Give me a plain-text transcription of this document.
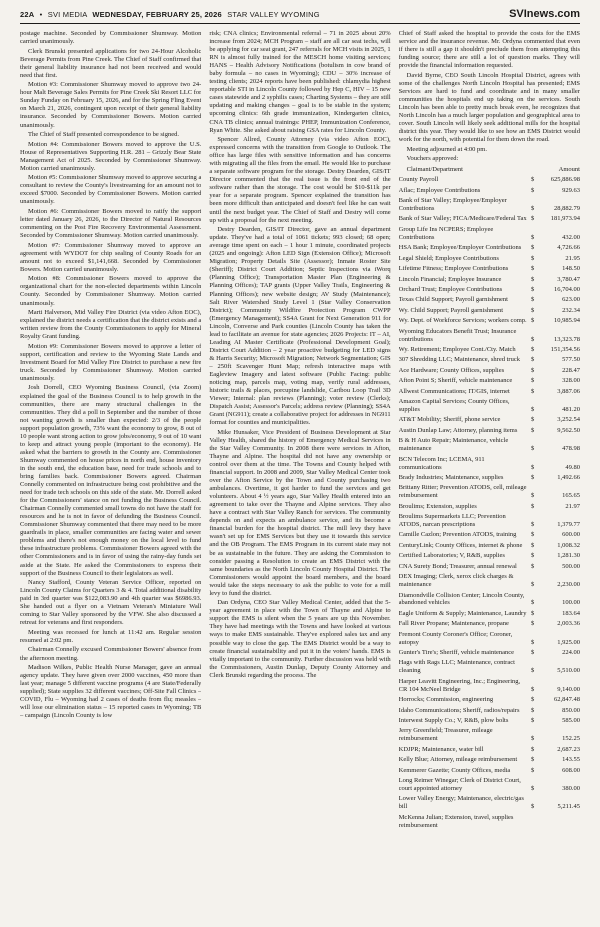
22A • SVI MEDIA WEDNESDAY, FEBRUARY 25, 2026 STAR VALLEY WYOMING	SVInews.com

postage machine. Seconded by Commissioner Shumway. Motion carried unanimously.

Clerk Brunski presented applications for two 24-Hour Alcoholic Beverage Permits from Pine Creek. The Chief of Staff confirmed that their general liability insurance had not been received and would need that first.

Motion #3: Commissioner Shumway moved to approve two 24-hour Malt Beverage Sales Permits for Pine Creek Ski Resort LLC for Sunday Funday on February 15, 2026, and for the Spring Fling Event on March 21, 2026, contingent upon receipt of their general liability insurance. Seconded by Commissioner Bowers. Motion carried unanimously.

The Chief of Staff presented correspondence to be signed.

Motion #4: Commissioner Bowers moved to approve the U.S. House of Representatives Supporting H.R. 281 – Grizzly Bear State Management Act of 2025. Seconded by Commissioner Shumway. Motion carried unanimously.

Motion #5: Commissioner Shumway moved to approve securing a consultant to review the County's livestreaming for an amount not to exceed $7000. Seconded by Commissioner Bowers. Motion carried unanimously.

Motion #6: Commissioner Bowers moved to ratify the support letter dated January 26, 2026, to the Director of Natural Resources commenting on the Post Fire Recovery Environmental Assessment. Seconded by Commissioner Shumway. Motion carried unanimously.

Motion #7: Commissioner Shumway moved to approve an agreement with WYDOT for chip sealing of County Roads for an amount not to exceed $1,141,668. Seconded by Commissioner Bowers. Motion carried unanimously.

Motion #8: Commissioner Bowers moved to approve the organizational chart for the non-elected departments within Lincoln County. Seconded by Commissioner Shumway. Motion carried unanimously.

Marti Halverson, Mid Valley Fire District (via video Afton EOC), explained the district needs a certification that the district exists and a written review from the County Commissioners to apply for Mineral Royalty Grant funding.

Motion #9: Commissioner Bowers moved to approve a letter of support, certification and review to the Wyoming State Lands and Investment Board for Mid Valley Fire District to purchase a new fire truck. Seconded by Commissioner Shumway. Motion carried unanimously.

Josh Dorrell, CEO Wyoming Business Council, (via Zoom) explained the goal of the Business Council is to help growth in the communities, there are many structural challenges in the communities. They did a poll in September and the number of those not wanting growth is smaller than expected: 2/3 of the people support population growth, 73% want the economy to grow, 8 out of 10 people want strong action to grow jobs/economy, 9 out of 10 want to keep and attract young people (important to the economy). He asked what the barriers to growth in the County are. Commissioner Shumway commented on house prices in north end, house inventory in the south end, the education base, need for trade schools and to bring families back. Commissioner Bowers agreed. Chairman Connelly commented on infrastructure being cost prohibitive and the need for trade tech schools on this side of the state. Mr. Dorrell asked for the Commissioners' stance on not funding the Business Council. Chairman Connelly commented small towns do not have the staff for resources and he is not in favor of defunding the Business Council. Commissioner Shumway commented that there may need to be more guardrails in place, smaller communities are facing water and sewer problems and there's not enough money on the local level to fund these infrastructure problems. Commissioner Bowers agreed with the other Commissioners and is in favor of using the rainy-day funds set aside at the State. He asked the Commissioners to express their support of the Business Council to their legislators as well.

Nancy Stafford, County Veteran Service Officer, reported on Lincoln County Claims for Quarters 3 & 4. Total additional disability paid in 3rd quarter was $122,083.90 and 4th quarter was $6986.93. She handed out a flyer on a Vietnam Veteran's Miniature Wall coming to Star Valley sponsored by the VFW. She also discussed a retreat for veterans and first responders.

Meeting was recessed for lunch at 11:42 am. Regular session resumed at 2:02 pm.

Chairman Connelly excused Commissioner Bowers' absence from the afternoon meeting.

Madison Wilkes, Public Health Nurse Manager, gave an annual agency update. They have given over 2000 vaccines, 450 more than last year; manage 5 different vaccine programs (4 are State/Federally supplied); State supplies 32 different vaccines; Off-Site Fall Clinics – COVID, Flu – Wyoming had 2 cases of deaths from flu; measles – will lose our elimination status – 15 reported cases in Wyoming; TB – campaign (Lincoln County is low

risk; CNA clinics; Environmental referral – 71 in 2025 about 20% increase from 2024; MCH Program – staff are all car seat techs, will be applying for car seat grant, 247 referrals for MCH visits in 2025, 1 RN is almost fully trained for the MESCH home visiting services; HANS – Health Advisory Notifications (botulism in cow brand of baby formula – no cases in Wyoming); CDU – 30% increase of testing clients; 2024 reports have been published: chlamydia highest reportable STI in Lincoln County followed by Hep C, HIV – 15 new cases statewide and 2 syphilis cases; Charting Systems – they are still updating and making changes – goal is to be stable in the system; upcoming clinics: 6th grade immunization, Kindergarten clinics, CNA TB clinics; annual trainings: PHEP, Immunization Conference, Ryan White. She asked about raising GSA rates for Lincoln County.

Spencer Allred, County Attorney (via video Afton EOC), expressed concerns with the transition from Google to Outlook. The office has large files with sensitive information and has concerns with migrating all the files from the email. He would like to purchase a separate software program for the storage. Destry Dearden, GIS/IT Director commented that the real issue is the front end of the software rather than the storage. The cost would be $10-$11k per year for a separate program. Spencer explained the transition has been more difficult than anticipated and doesn't feel like he can wait until the next budget year. The Chief of Staff and Destry will come up with a proposal for the next meeting.

Destry Dearden, GIS/IT Director, gave an annual department update. They've had a total of 1061 tickets; 993 closed; 68 open; average time spent on each – 1 hour 1 minute, coordinated projects (2025 and ongoing): Afton LED Sign (Extension Office); Microsoft Migration; Property Details Site (Assessor); Inmate Roster Site (Sheriff); District Court Addition; Septic Inspections via iWorq (Planning Office); Transportation Master Plan (Engineering & Planning Offices); TAP grants (Upper Valley Trails, Engineering & Planning Offices); new website design; AV Study (Maintenance); Salt River Watershed Study Level 1 (Star Valley Conservation District); Community Wildfire Protection Program CWPP (Emergency Management); SS4A Grant for Next Generation 911 for Lincoln, Converse and Park counties (Lincoln County has taken the lead to facilitate an avenue for state agencies; 2026 Projects: IT – AI, Leading AI Master Certificate (Professional Development Goal); District Court Addition – 2 year proactive budgeting for LED signs & Harris Security; Microsoft Migration; Network Segmentation; GIS – 250ft Scavenger Hunt Map; refresh interactive maps with Eagleview Imagery and latest software (Public Facing: public noticing map, parcels map, voting map, verify rural addresses, historic trails & places, porcupine landslide, Caribou Loop Trail 3D Viewer; Internal: plan reviews (Planning); voter review (Clerks); Dispatch Assist; Assessor's Parcels; address review (Planning); SS4A Grant (NG911); create a collaborative project for addresses in NG911 format for counties and municipalities.

Mike Hunsaker, Vice President of Business Development at Star Valley Health, shared the history of Emergency Medical Services in the Star Valley Community. In 2008 there were services in Afton, Thayne and Alpine. The hospital did not have any ownership or control over them at the time. The Towns and County helped with financial support. In 2008 and 2009, Star Valley Medical Center took over the Afton Service by the Town and County purchasing two ambulances. Overtime, it got harder to fund the services and get volunteers. About 4 ½ years ago, Star Valley Health entered into an agreement to take over the Thayne and Alpine services. They also have a contract with Star Valley Ranch for services. The community depends on and expects an ambulance service, and its become a financial burden for the hospital district. The mill levy they have wasn't set up for EMS Services but they use it towards this service and the OB Program. The EMS Program in its current state may not be as sustainable in the future. They are asking the Commission to consider passing a Resolution to create an EMS District with the same boundaries as the North Lincoln County Hospital District. The Commissioners would appoint the board members, and the board would take the steps necessary to ask the public to vote for a mill levy to fund the district.

Dan Ordyna, CEO Star Valley Medical Center, added that the 5-year agreement in place with the Town of Thayne and Alpine to support the EMS is silent when the 5 years are up this November. They have had meetings with the Towns and have looked at various ways to make EMS sustainable. They've explored sales tax and any possible way to close the gap. The EMS District would be a way to create financial sustainability and put it in the voters' hands. EMS is vitally important to the community. Further discussion was held with the Commissioners, Austin Dunlap, Deputy County Attorney and Clerk Brunski regarding the process. The

Chief of Staff asked the hospital to provide the costs for the EMS service and the insurance revenue. Mr. Ordyna commented that even if there is still a gap it shouldn't preclude them from attempting this funding source; there are still a lot of question marks. They will provide the financial information requested.

David Byrne, CEO South Lincoln Hospital District, agrees with some of the challenges North Lincoln Hospital has presented; EMS Services are hard to fund and coordinate and in many smaller communities the hospitals end up taking on the services. South Lincoln has been able to pretty much break even, he recognizes that North Lincoln has a much larger population and geographical area to cover. South Lincoln will likely seek additional mills for the hospital district this year. They would like to see how an EMS District would work for the north, with potential for them down the road.

Meeting adjourned at 4:00 pm.

Vouchers approved:

Claimant/Department	Amount
County Payroll	$	625,886.98
Aflac; Employee Contributions	$	929.63
Bank of Star Valley; Employee/Employer Contributions	$	28,882.79
Bank of Star Valley; FICA/Medicare/Federal Tax $	181,973.94
Group Life Ins NCPERS; Employee Contributions	$	432.00
HSA Bank; Employee/Employer Contributions	$	4,726.66
Legal Shield; Employee Contributions	$	21.95
Lifetime Fitness; Employee Contributions	$	148.50
Lincoln Financial; Employee Insurance	$	3,780.47
Orchard Trust; Employee Contributions	$	16,704.00
Texas Child Support; Payroll garnishment	$	623.00
Wy. Child Support; Payroll garnishment	$	232.34
Wy. Dept. of Workforce Services; workers comp. $	10,985.94
Wyoming Educators Benefit Trust; Insurance contributions	$	13,323.78
Wy. Retirement; Employee Cont./Cty. Match	$	151,354.56
307 Shredding LLC; Maintenance, shred truck	$	577.50
Ace Hardware; County Offices, supplies	$	228.47
Afton Point S; Sheriff, vehicle maintenance	$	328.00
Allwest Communications; IT/GIS, internet	$	3,887.06
Amazon Capital Services; County Offices, supplies	$	481.20
AT&T Mobility; Sheriff, phone service	$	3,252.54
Austin Dunlap Law; Attorney, planning items	$	9,562.50
B & H Auto Repair; Maintenance, vehicle maintenance	$	478.98
BCN Telecom Inc; LCEMA, 911 communications	$	49.80
Brady Industries; Maintenance, supplies	$	1,492.66
Brittany Ritter; Prevention ATODS, cell, mileage reimbursement	$	165.65
Broulims; Extension, supplies	$	21.97
Broulims Supermarkets LLC; Prevention ATODS, narcan prescriptions	$	1,379.77
Camille Cazlon; Prevention ATODS, training	$	600.00
CenturyLink; County Offices, internet & phone	$	1,008.32
Certified Laboratories; V, R&B, supplies	$	1,281.30
CNA Surety Bond; Treasurer, annual renewal	$	500.00
DEX Imaging; Clerk, xerox click charges & maintenance	$	2,230.00
Diamondville Collision Center; Lincoln County, abandoned vehicles	$	100.00
Eagle Uniform & Supply; Maintenance, Laundry $	183.64
Fall River Propane; Maintenance, propane	$	2,003.36
Fremont County Coroner's Office; Coroner, autopsy	$	1,925.00
Gunter's Tire's; Sheriff, vehicle maintenance	$	224.00
Hags with Rags LLC; Maintenance, contract cleaning	$	5,510.00
Harper Leavitt Engineering, Inc.; Engineering, CR 104 McNeel Bridge	$	9,140.00
Horrocks; Commission, engineering	$	62,847.48
Idaho Communications; Sheriff, radios/repairs	$	850.00
Interwest Supply Co.; V, R&B, plow bolts	$	585.00
Jerry Greenfield; Treasurer, mileage reimbursement	$	152.25
KDJPR; Maintenance, water bill	$	2,687.23
Kelly Blue; Attorney, mileage reimbursement	$	143.55
Kemmerer Gazette; County Offices, media	$	608.00
Long Reimer Winegar; Clerk of District Court, court appointed attorney	$	380.00
Lower Valley Energy; Maintenance, electric/gas bill	$	5,211.45
McKenna Julian; Extension, travel, supplies reimbursement
